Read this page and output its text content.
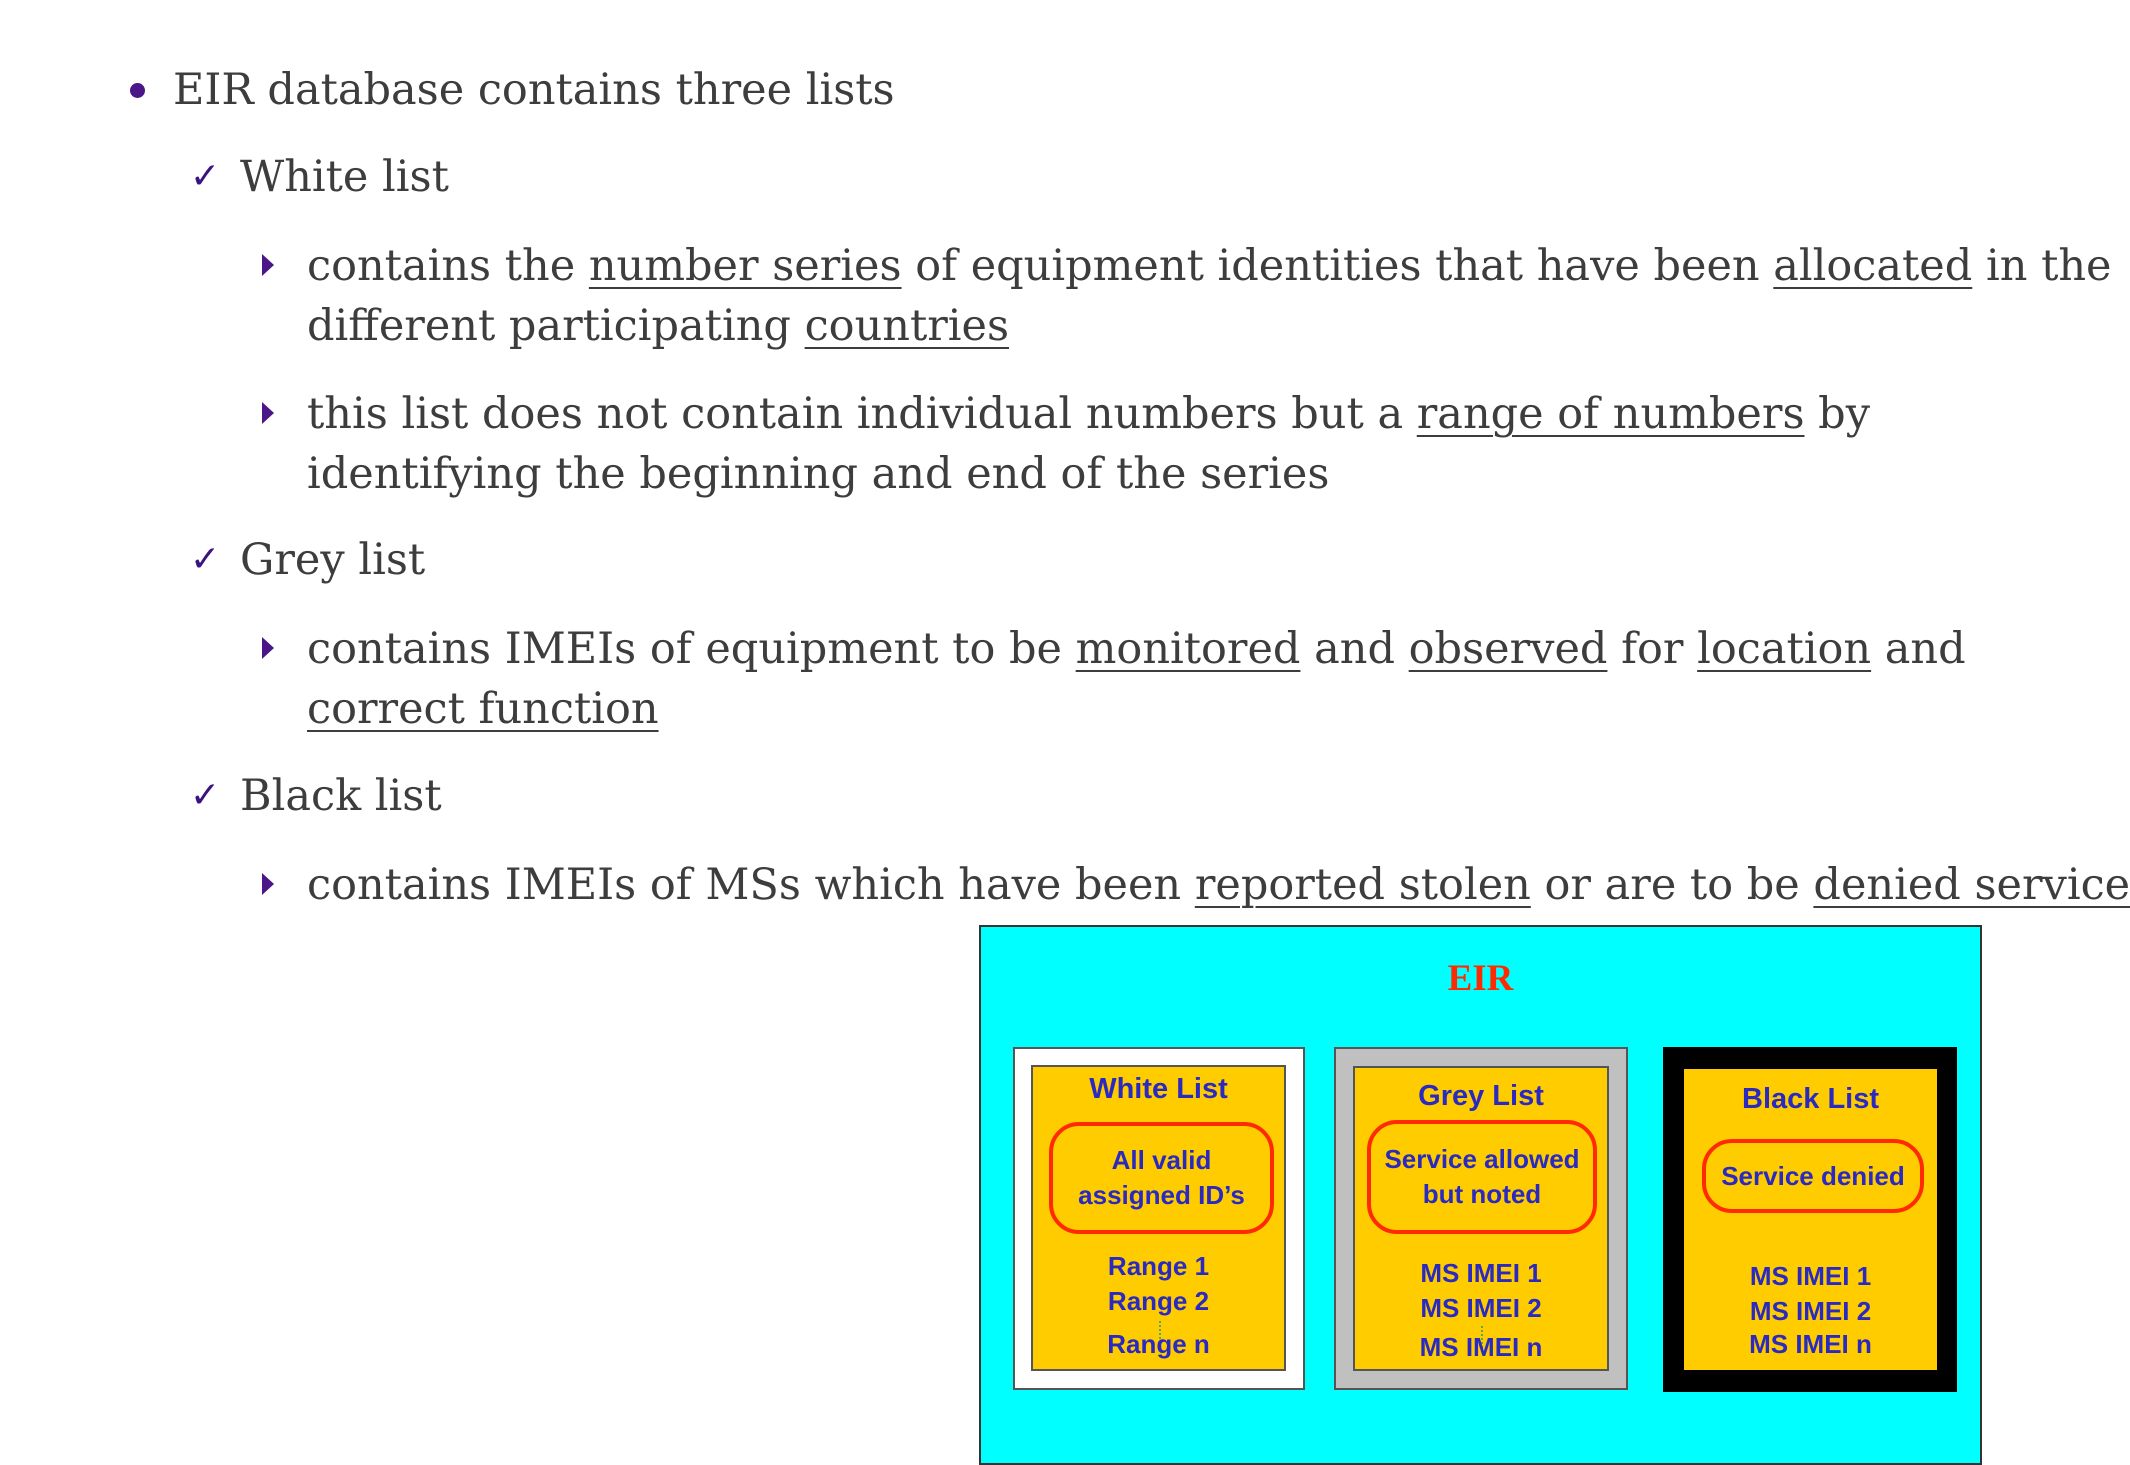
EIR database contains three lists
✓ White list
contains the number series of equipment identities that have been allocated in the
different participating countries
this list does not contain individual numbers but a range of numbers by
identifying the beginning and end of the series
✓ Grey list
contains IMEIs of equipment to be monitored and observed for location and
correct function
✓ Black list
contains IMEIs of MSs which have been reported stolen or are to be denied service
EIR
White List
All valid
assigned ID’s
Range 1
Range 2
Range n
Grey List
Service allowed
but noted
MS IMEI 1
MS IMEI 2
MS IMEI n
Black List
Service denied
MS IMEI 1
MS IMEI 2
MS IMEI n
